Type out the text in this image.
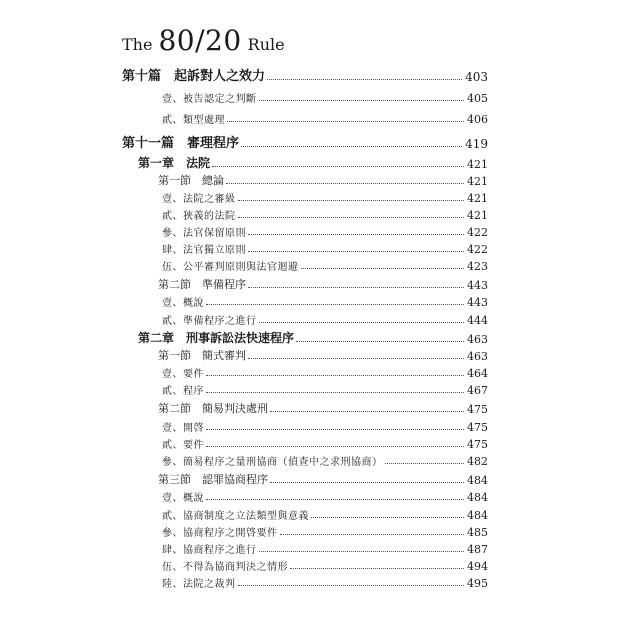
The 80/20 Rule
第十篇　起訴對人之效力	403
壹、被告認定之判斷	405
貳、類型處理	406
第十一篇　審理程序	419
第一章　法院	421
第一節　總論	421
壹、法院之審級	421
貳、狹義的法院	421
參、法官保留原則	422
肆、法官獨立原則	422
伍、公平審判原則與法官迴避	423
第二節　準備程序	443
壹、概說	443
貳、準備程序之進行	444
第二章　刑事訴訟法快速程序	463
第一節　簡式審判	463
壹、要件	464
貳、程序	467
第二節　簡易判決處刑	475
壹、開啓	475
貳、要件	475
參、簡易程序之量刑協商（偵查中之求刑協商）	482
第三節　認罪協商程序	484
壹、概說	484
貳、協商制度之立法類型與意義	484
參、協商程序之開啓要件	485
肆、協商程序之進行	487
伍、不得為協商判決之情形	494
陸、法院之裁判	495
